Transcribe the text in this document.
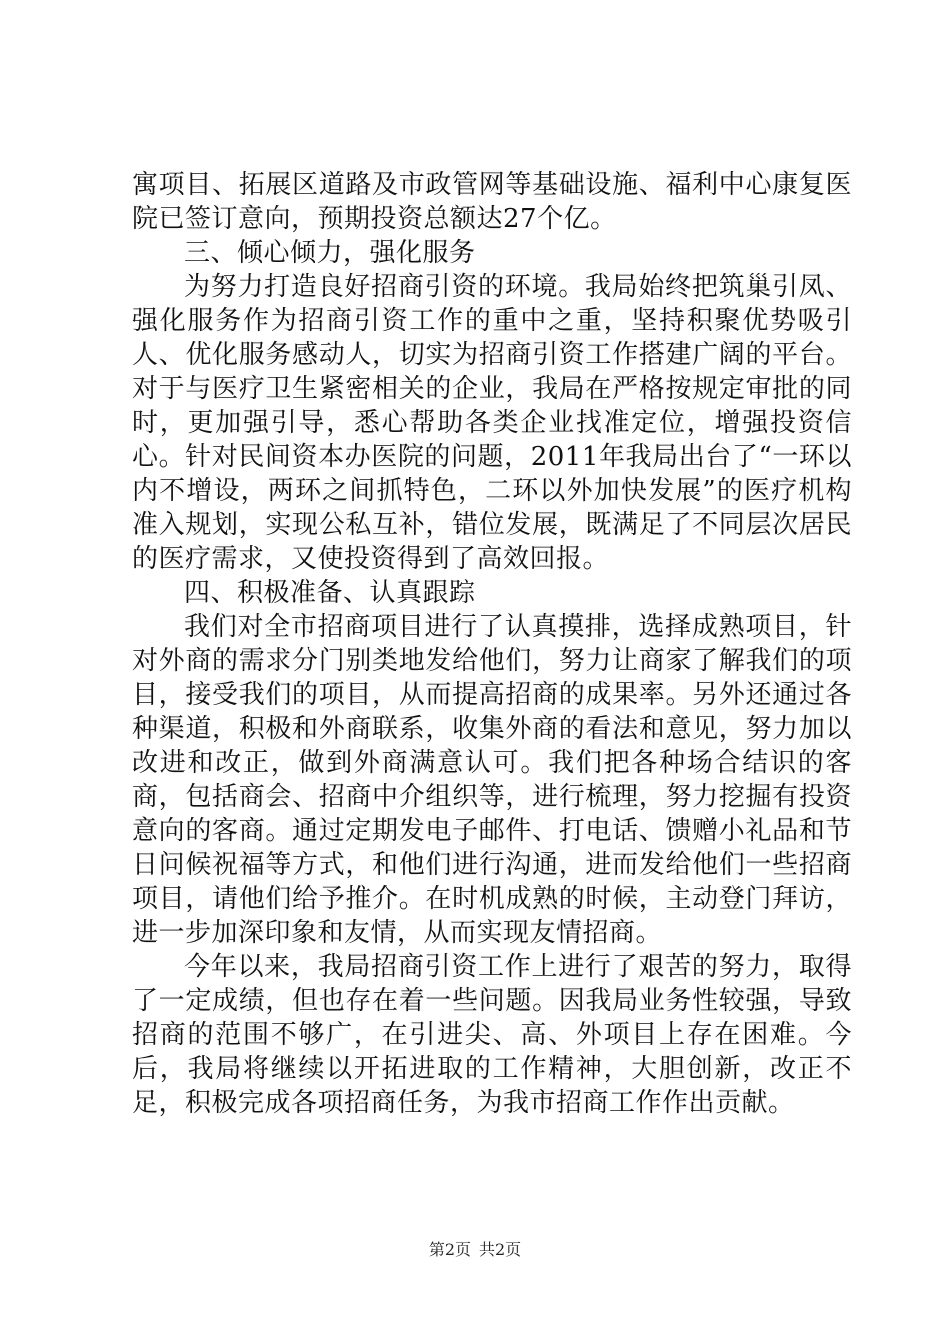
寓项目、拓展区道路及市政管网等基础设施、福利中心康复医院已签订意向，预期投资总额达27个亿。

三、倾心倾力，强化服务

为努力打造良好招商引资的环境。我局始终把筑巢引凤、强化服务作为招商引资工作的重中之重，坚持积聚优势吸引人、优化服务感动人，切实为招商引资工作搭建广阔的平台。对于与医疗卫生紧密相关的企业，我局在严格按规定审批的同时，更加强引导，悉心帮助各类企业找准定位，增强投资信心。针对民间资本办医院的问题，2011年我局出台了“一环以内不增设，两环之间抓特色，二环以外加快发展”的医疗机构准入规划，实现公私互补，错位发展，既满足了不同层次居民的医疗需求，又使投资得到了高效回报。

四、积极准备、认真跟踪

我们对全市招商项目进行了认真摸排，选择成熟项目，针对外商的需求分门别类地发给他们，努力让商家了解我们的项目，接受我们的项目，从而提高招商的成果率。另外还通过各种渠道，积极和外商联系，收集外商的看法和意见，努力加以改进和改正，做到外商满意认可。我们把各种场合结识的客商，包括商会、招商中介组织等，进行梳理，努力挖掘有投资意向的客商。通过定期发电子邮件、打电话、馈赠小礼品和节日问候祝福等方式，和他们进行沟通，进而发给他们一些招商项目，请他们给予推介。在时机成熟的时候，主动登门拜访，进一步加深印象和友情，从而实现友情招商。

今年以来，我局招商引资工作上进行了艰苦的努力，取得了一定成绩，但也存在着一些问题。因我局业务性较强，导致招商的范围不够广，在引进尖、高、外项目上存在困难。今后，我局将继续以开拓进取的工作精神，大胆创新，改正不足，积极完成各项招商任务，为我市招商工作作出贡献。

第2页 共2页
